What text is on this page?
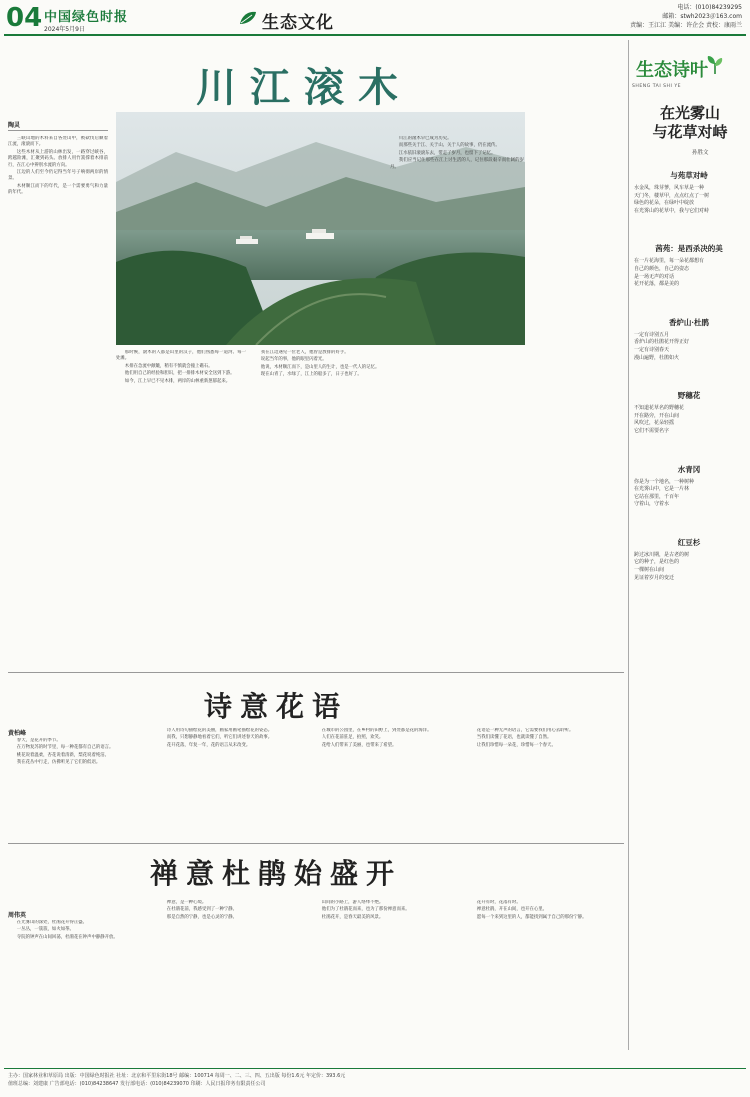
04 中国绿色时报
2024年5月9日	生态文化
电话：(010)84239295
邮箱：stwh2023＠163.com
责编：王江江 美编：许企会 责校：康雨兰
川江滚木
陶灵

三峡山地的木料来自各处山中，被砍伐后顺着江流，滚滚而下。

这些木材从上游的山林出发，一路穿过峡谷，跨越险滩，汇聚到码头。放排人用竹篙撑着木排前行，在江心中辨别水流的方向。

江边的人们至今仍记得当年号子响彻两岸的情景。

木材顺江而下的年代，是一个需要勇气和力量的年代。

那时候，滚木的人都是山里的汉子，他们熟悉每一道湾、每一处滩。

木排在急流中颠簸，稍有不慎就会撞上礁石。

他们用自己的经验和胆识，把一排排木材安全送到下游。

如今，江上早已不见木排，两岸的山林重新葱郁起来。

我在江边遇见一位老人，他曾是放排的好手。

说起当年的事，他的眼里闪着光。

他说，木材顺江而下，是山里人的生计，也是一代人的记忆。

现在山青了，水绿了，江上的船多了，日子也好了。

川江的滚木早已成为历史。

而那些关于江、关于山、关于人的故事，仍在流传。

江水依旧滚滚东去，带走了岁月，也留下了记忆。

我们应当记住那些在江上讨生活的人，记住那段艰辛而壮阔的岁月。

生态诗叶
SHENG TAI SHI YE
在光雾山
与花草对峙
孙胜文
与苑草对峙
水金凤，珠芽蓼，风车草是一种
天门冬，楼草甲，点点红点了一树
绿色的花朵，在绿叶中绽放
在光雾山的花草中，我与它们对峙
茜苑：是西杀决的美
在一片花海里，每一朵花都想有
自己的颜色，自己的姿态
是一场无声的对话
花开花落，都是美的
香炉山·杜鹃
一定有诗别五月
香炉山的杜鹃花开得正好
一定有诗别春天
漫山遍野，杜鹃如火
野穗花
不知道花草名的野穗花
开在路旁，开在山间
风吹过，花朵轻摇
它们不需要名字
水青冈
你是为一个地名，一种树种
在光雾山中，它是一片林
它站在那里，千百年
守着山，守着水
红豆杉
跨过冰川期，是古老的树
它的种子，是红色的
一棵树在山间
见证着岁月的变迁
诗意花语
黄柏峰

春天，是花开的季节。

在万物复苏的时节里，每一种花都有自己的语言。

桃花说着温柔，杏花说着清新，梨花说着纯洁。

我在花丛中行走，仿佛听见了它们的低语。

诗人用诗句描绘花的美丽，画家用画笔描绘花的姿态。

而我，只想静静地看着它们，听它们讲述春天的故事。

花开花落，年复一年，花的语言从未改变。

在城市的公园里，在乡村的田野上，到处都是花的海洋。

人们在花前驻足，拍照，欢笑。

花给人们带来了美丽，也带来了希望。

花语是一种无声的语言，它需要我们用心去聆听。

当我们读懂了花语，也就读懂了自然。

让我们珍惜每一朵花，珍惜每一个春天。

禅意杜鹃始盛开
周伟英

在光雾山的深处，杜鹃花开得正盛。

一丛丛，一簇簇，如火如荼。

寺院的钟声在山间回荡，杜鹃花在钟声中静静开放。

禅意，是一种心境。

在杜鹃花前，我感受到了一种宁静。

那是自然的宁静，也是心灵的宁静。

山间的小路上，游人络绎不绝。

他们为了杜鹃花而来，也为了那份禅意而来。

杜鹃花开，是春天最美的风景。

花开有时，花落有时。

禅意杜鹃，开在山间，也开在心里。

愿每一个来到这里的人，都能找到属于自己的那份宁静。

主办：国家林业和草原局 出版：中国绿色时报社 社址：北京和平里东街18号 邮编：100714 每周一、二、三、四、五出版 每份1.6元 年定价：393.6元
值班总编：刘建康 广告部电话：(010)84238647 发行部电话：(010)84239070 印刷：人民日报印务有限责任公司
